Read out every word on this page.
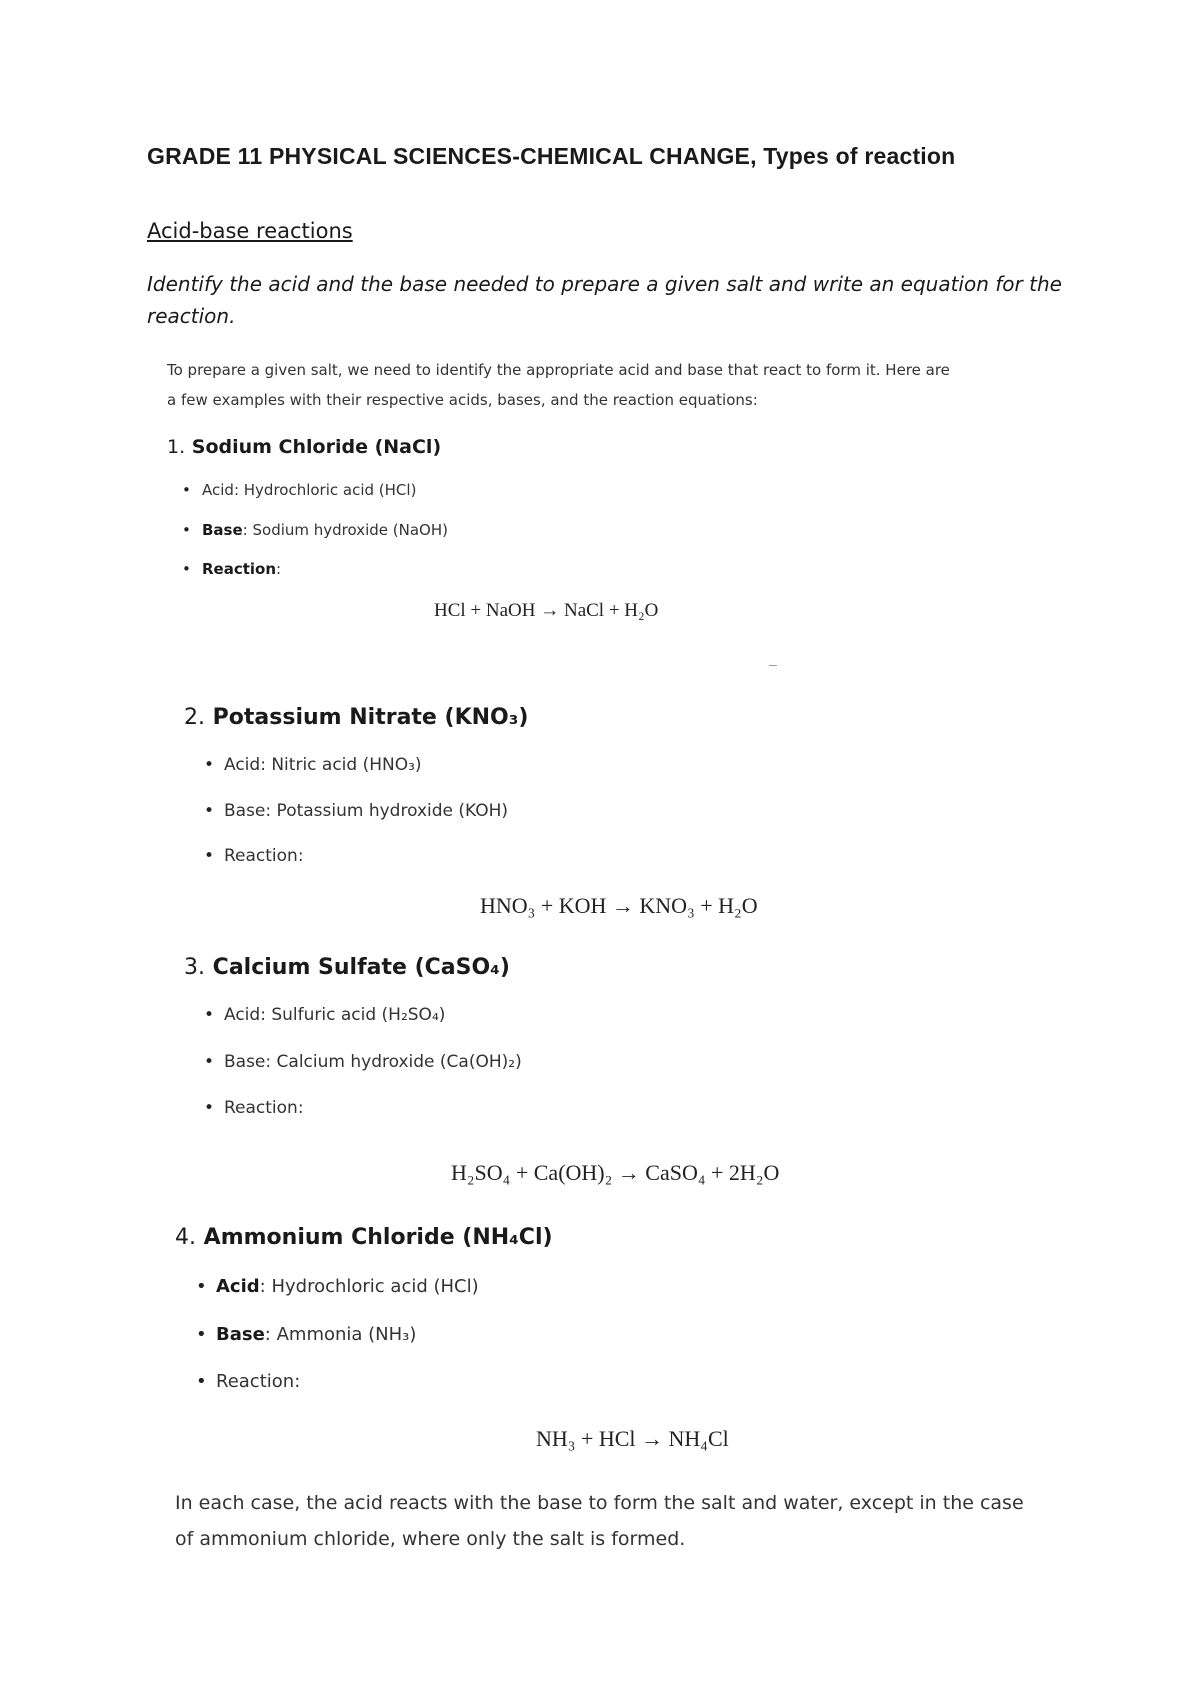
GRADE 11 PHYSICAL SCIENCES-CHEMICAL CHANGE, Types of reaction
Acid-base reactions
Identify the acid and the base needed to prepare a given salt and write an equation for the reaction.
To prepare a given salt, we need to identify the appropriate acid and base that react to form it. Here are a few examples with their respective acids, bases, and the reaction equations:
1. Sodium Chloride (NaCl)
• Acid: Hydrochloric acid (HCl)
• Base: Sodium hydroxide (NaOH)
• Reaction:
HCl + NaOH → NaCl + H₂O
2. Potassium Nitrate (KNO₃)
• Acid: Nitric acid (HNO₃)
• Base: Potassium hydroxide (KOH)
• Reaction:
HNO₃ + KOH → KNO₃ + H₂O
3. Calcium Sulfate (CaSO₄)
• Acid: Sulfuric acid (H₂SO₄)
• Base: Calcium hydroxide (Ca(OH)₂)
• Reaction:
H₂SO₄ + Ca(OH)₂ → CaSO₄ + 2H₂O
4. Ammonium Chloride (NH₄Cl)
• Acid: Hydrochloric acid (HCl)
• Base: Ammonia (NH₃)
• Reaction:
NH₃ + HCl → NH₄Cl
In each case, the acid reacts with the base to form the salt and water, except in the case of ammonium chloride, where only the salt is formed.
